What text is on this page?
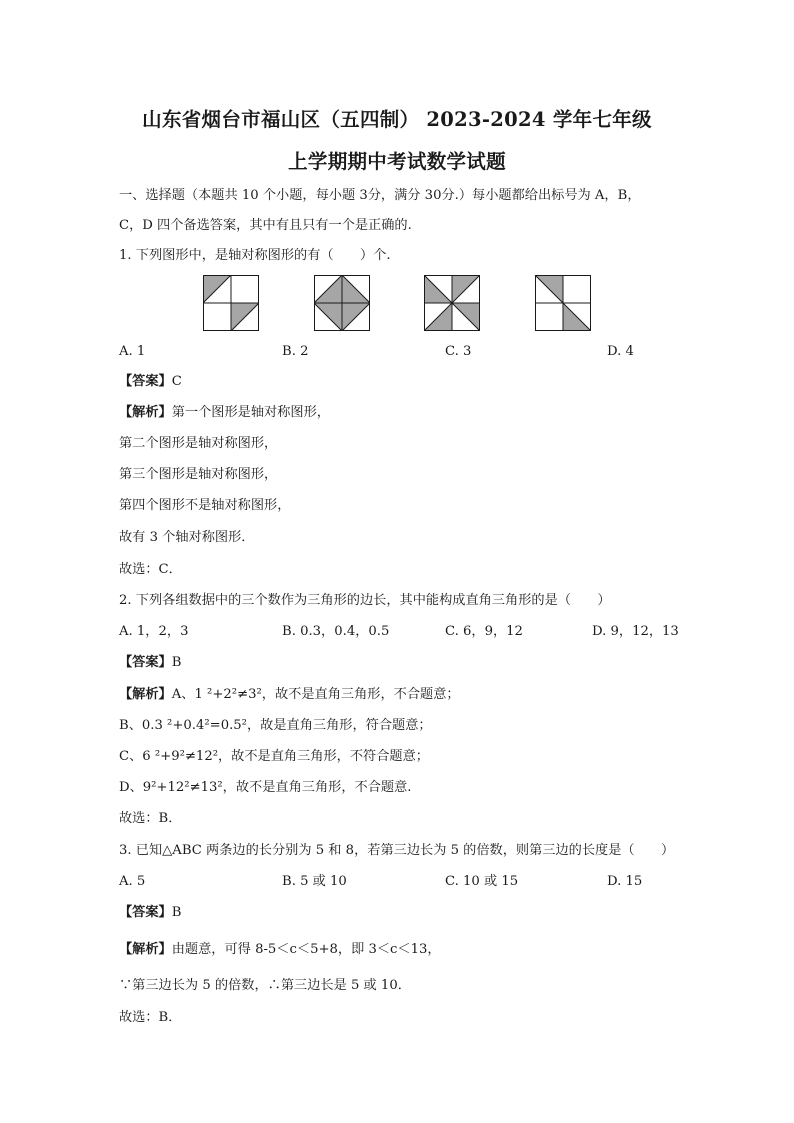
山东省烟台市福山区（五四制） 2023-2024 学年七年级
上学期期中考试数学试题
一、选择题（本题共 10 个小题，每小题 3分，满分 30分.）每小题都给出标号为 A，B，
C，D 四个备选答案，其中有且只有一个是正确的.
1. 下列图形中，是轴对称图形的有（　　）个.
A. 1	B. 2	C. 3	D. 4
【答案】C
【解析】第一个图形是轴对称图形，
第二个图形是轴对称图形，
第三个图形是轴对称图形，
第四个图形不是轴对称图形，
故有 3 个轴对称图形．
故选：C．
2. 下列各组数据中的三个数作为三角形的边长，其中能构成直角三角形的是（　　）
A. 1，2，3	B. 0.3，0.4，0.5	C. 6，9，12	D. 9，12，13
【答案】B
【解析】A、1 ²+2²≠3²，故不是直角三角形，不合题意；
B、0.3 ²+0.4²=0.5²，故是直角三角形，符合题意；
C、6 ²+9²≠12²，故不是直角三角形，不符合题意；
D、9²+12²≠13²，故不是直角三角形，不合题意.
故选：B．
3. 已知△ABC 两条边的长分别为 5 和 8，若第三边长为 5 的倍数，则第三边的长度是（　　）
A. 5	B. 5 或 10	C. 10 或 15	D. 15
【答案】B
【解析】由题意，可得 8-5＜c＜5+8，即 3＜c＜13，
∵第三边长为 5 的倍数，∴第三边长是 5 或 10．
故选：B．
